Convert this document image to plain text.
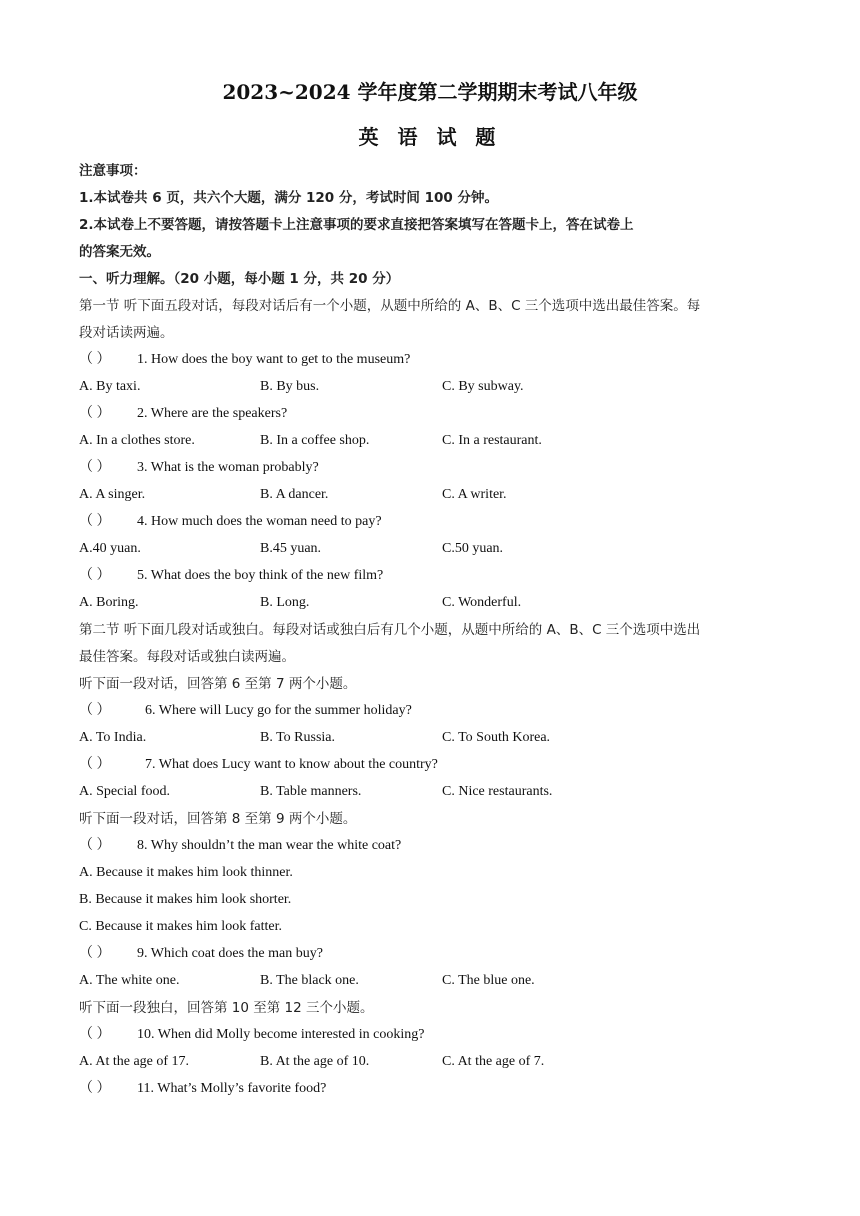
2023~2024 学年度第二学期期末考试八年级
英 语 试 题
注意事项：
1.本试卷共 6 页，共六个大题，满分 120 分，考试时间 100 分钟。
2.本试卷上不要答题，请按答题卡上注意事项的要求直接把答案填写在答题卡上，答在试卷上
的答案无效。
一、听力理解。（20 小题，每小题 1 分，共 20 分）
第一节 听下面五段对话，每段对话后有一个小题，从题中所给的 A、B、C 三个选项中选出最佳答案。每
段对话读两遍。
（ ） 1. How does the boy want to get to the museum?
A. By taxi.	B. By bus.	C. By subway.
（ ） 2. Where are the speakers?
A. In a clothes store.	B. In a coffee shop.	C. In a restaurant.
（ ） 3. What is the woman probably?
A. A singer.	B. A dancer.	C. A writer.
（ ） 4. How much does the woman need to pay?
A.40 yuan.	B.45 yuan.	C.50 yuan.
（ ） 5. What does the boy think of the new film?
A. Boring.	B. Long.	C. Wonderful.
第二节 听下面几段对话或独白。每段对话或独白后有几个小题，从题中所给的 A、B、C 三个选项中选出
最佳答案。每段对话或独白读两遍。
听下面一段对话，回答第 6 至第 7 两个小题。
（ ） 6. Where will Lucy go for the summer holiday?
A. To India.	B. To Russia.	C. To South Korea.
（ ） 7. What does Lucy want to know about the country?
A. Special food.	B. Table manners.	C. Nice restaurants.
听下面一段对话，回答第 8 至第 9 两个小题。
（ ） 8. Why shouldn’t the man wear the white coat?
A. Because it makes him look thinner.
B. Because it makes him look shorter.
C. Because it makes him look fatter.
（ ） 9. Which coat does the man buy?
A. The white one.	B. The black one.	C. The blue one.
听下面一段独白，回答第 10 至第 12 三个小题。
（ ） 10. When did Molly become interested in cooking?
A. At the age of 17.	B. At the age of 10.	C. At the age of 7.
（ ） 11. What’s Molly’s favorite food?
